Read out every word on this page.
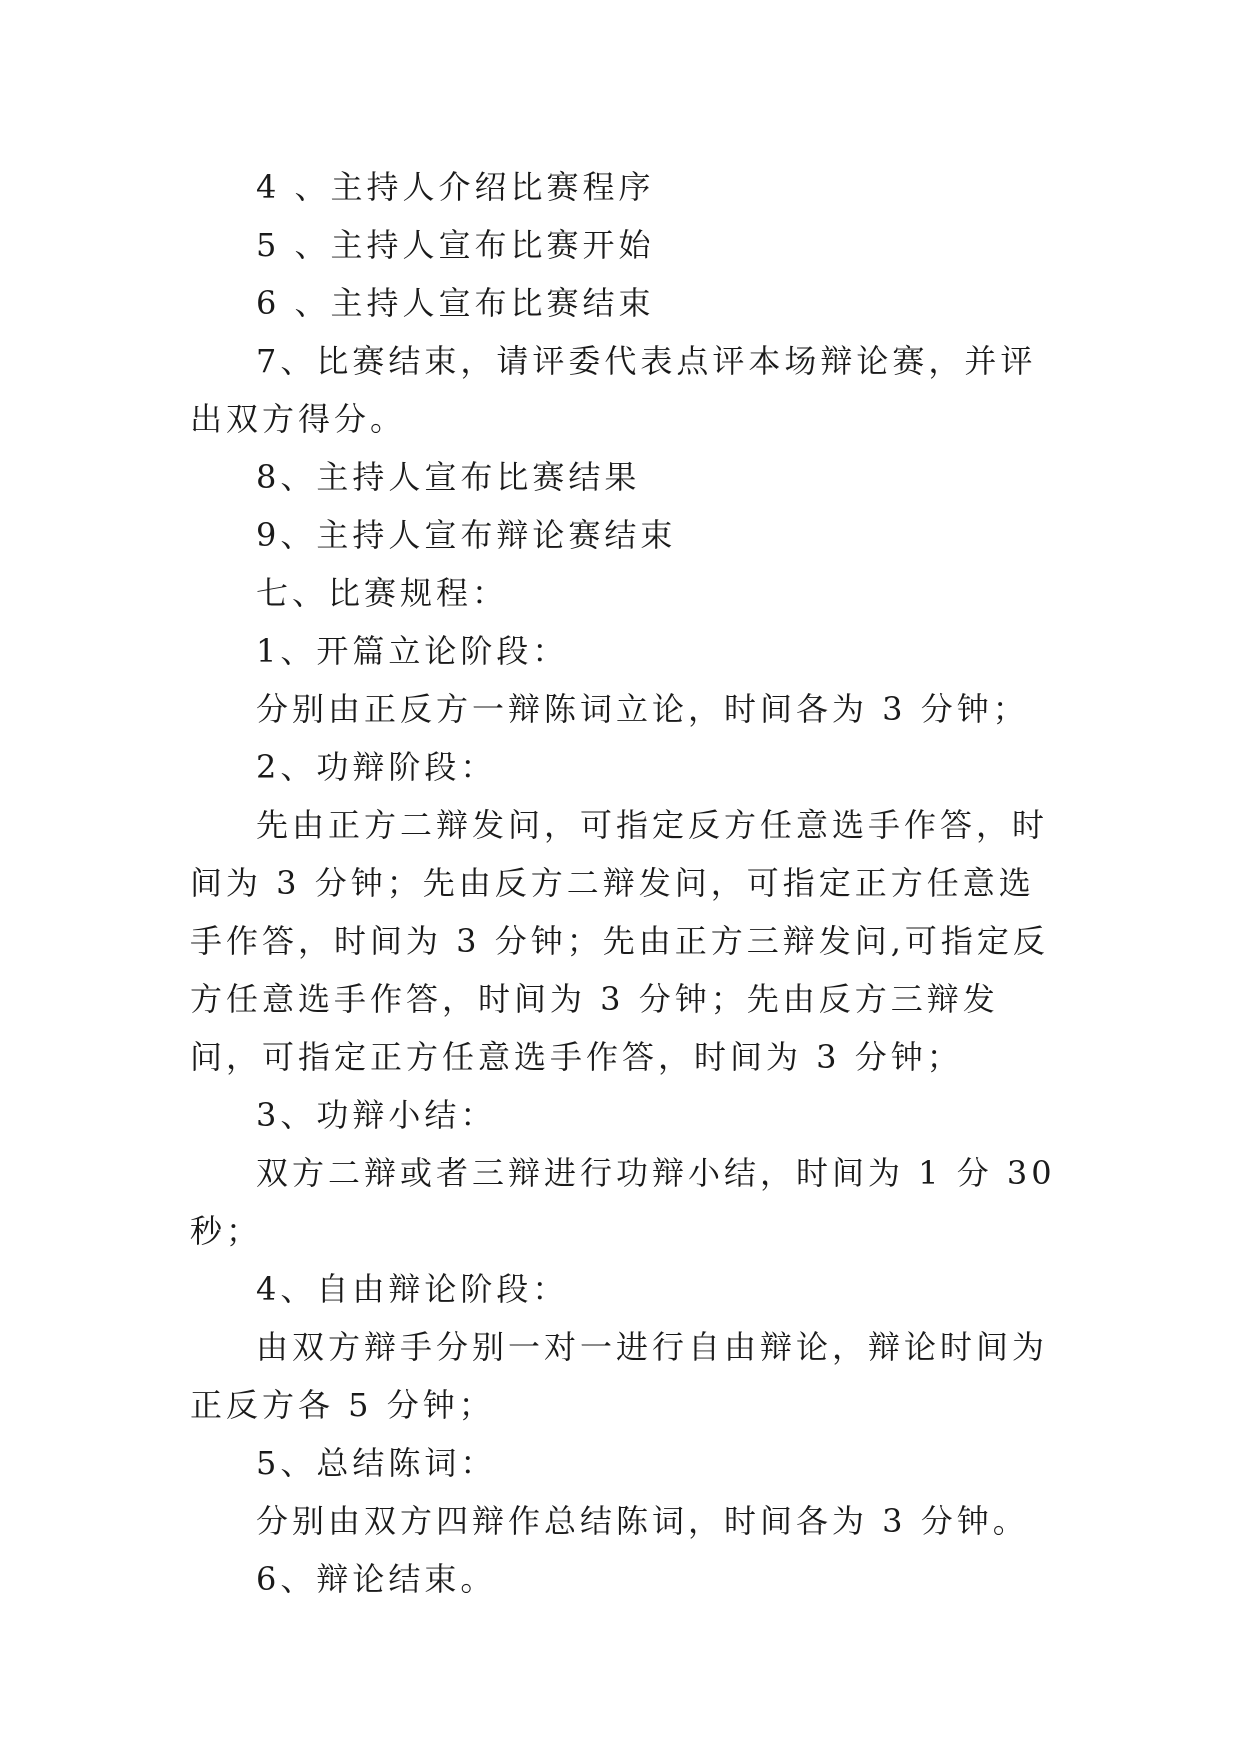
4 、主持人介绍比赛程序

5 、主持人宣布比赛开始

6 、主持人宣布比赛结束

7、比赛结束，请评委代表点评本场辩论赛，并评出双方得分。

8、主持人宣布比赛结果

9、主持人宣布辩论赛结束

七、比赛规程：

1、开篇立论阶段：

分别由正反方一辩陈词立论，时间各为 3 分钟；

2、功辩阶段：

先由正方二辩发问，可指定反方任意选手作答，时间为 3 分钟；先由反方二辩发问，可指定正方任意选手作答，时间为 3 分钟；先由正方三辩发问,可指定反方任意选手作答，时间为 3 分钟；先由反方三辩发问，可指定正方任意选手作答，时间为 3 分钟；

3、功辩小结：

双方二辩或者三辩进行功辩小结，时间为 1 分 30 秒；

4、自由辩论阶段：

由双方辩手分别一对一进行自由辩论，辩论时间为正反方各 5 分钟；

5、总结陈词：

分别由双方四辩作总结陈词，时间各为 3 分钟。

6、辩论结束。
